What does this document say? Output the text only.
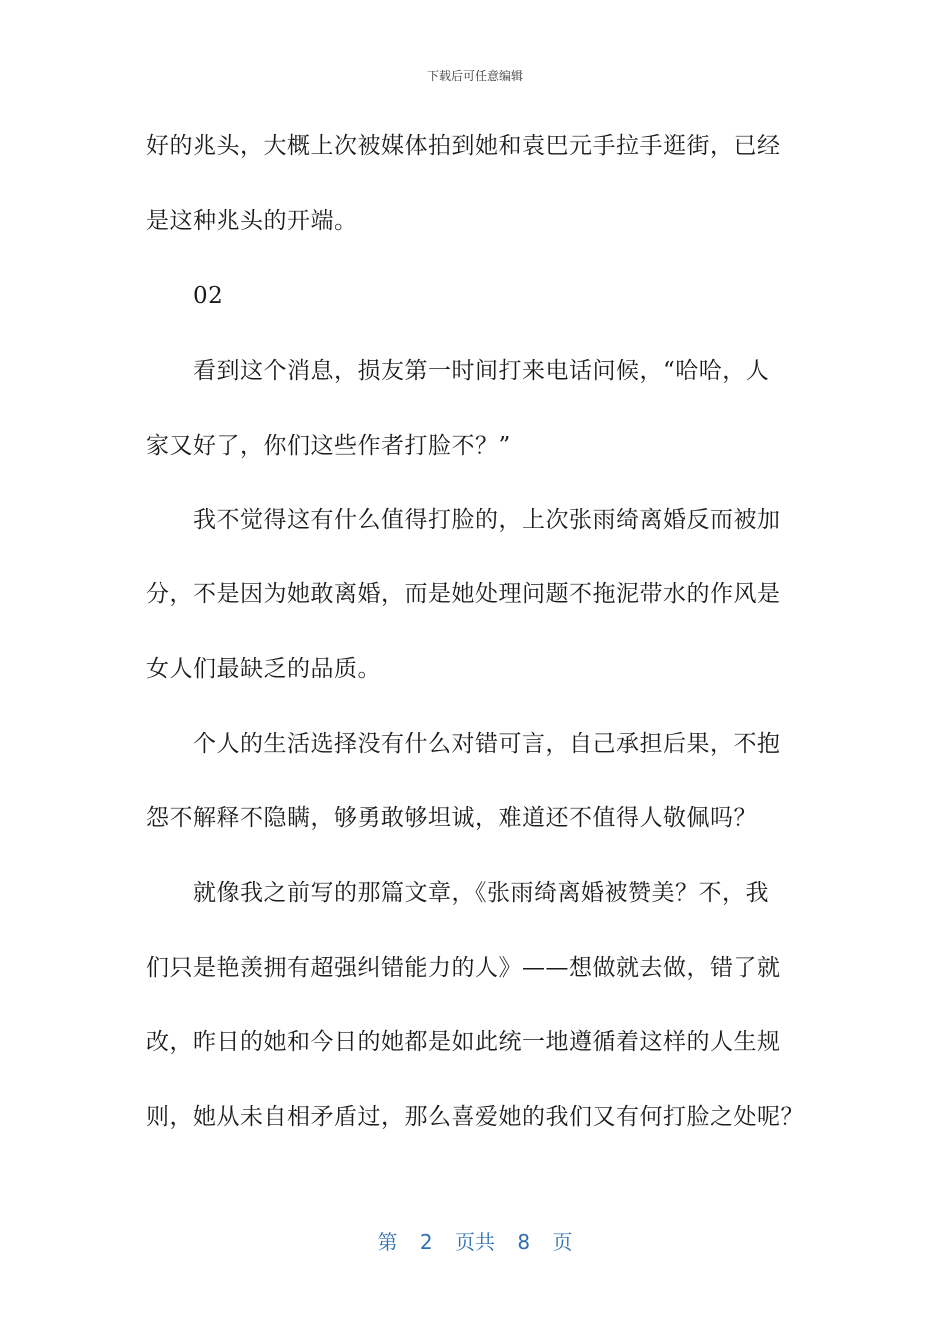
下载后可任意编辑
好的兆头，大概上次被媒体拍到她和袁巴元手拉手逛街，已经
是这种兆头的开端。
02
看到这个消息，损友第一时间打来电话问候，“哈哈，人
家又好了，你们这些作者打脸不？”
我不觉得这有什么值得打脸的，上次张雨绮离婚反而被加
分，不是因为她敢离婚，而是她处理问题不拖泥带水的作风是
女人们最缺乏的品质。
个人的生活选择没有什么对错可言，自己承担后果，不抱
怨不解释不隐瞒，够勇敢够坦诚，难道还不值得人敬佩吗？
就像我之前写的那篇文章，《张雨绮离婚被赞美？不，我
们只是艳羡拥有超强纠错能力的人》——想做就去做，错了就
改，昨日的她和今日的她都是如此统一地遵循着这样的人生规
则，她从未自相矛盾过，那么喜爱她的我们又有何打脸之处呢？
第 2 页共 8 页
